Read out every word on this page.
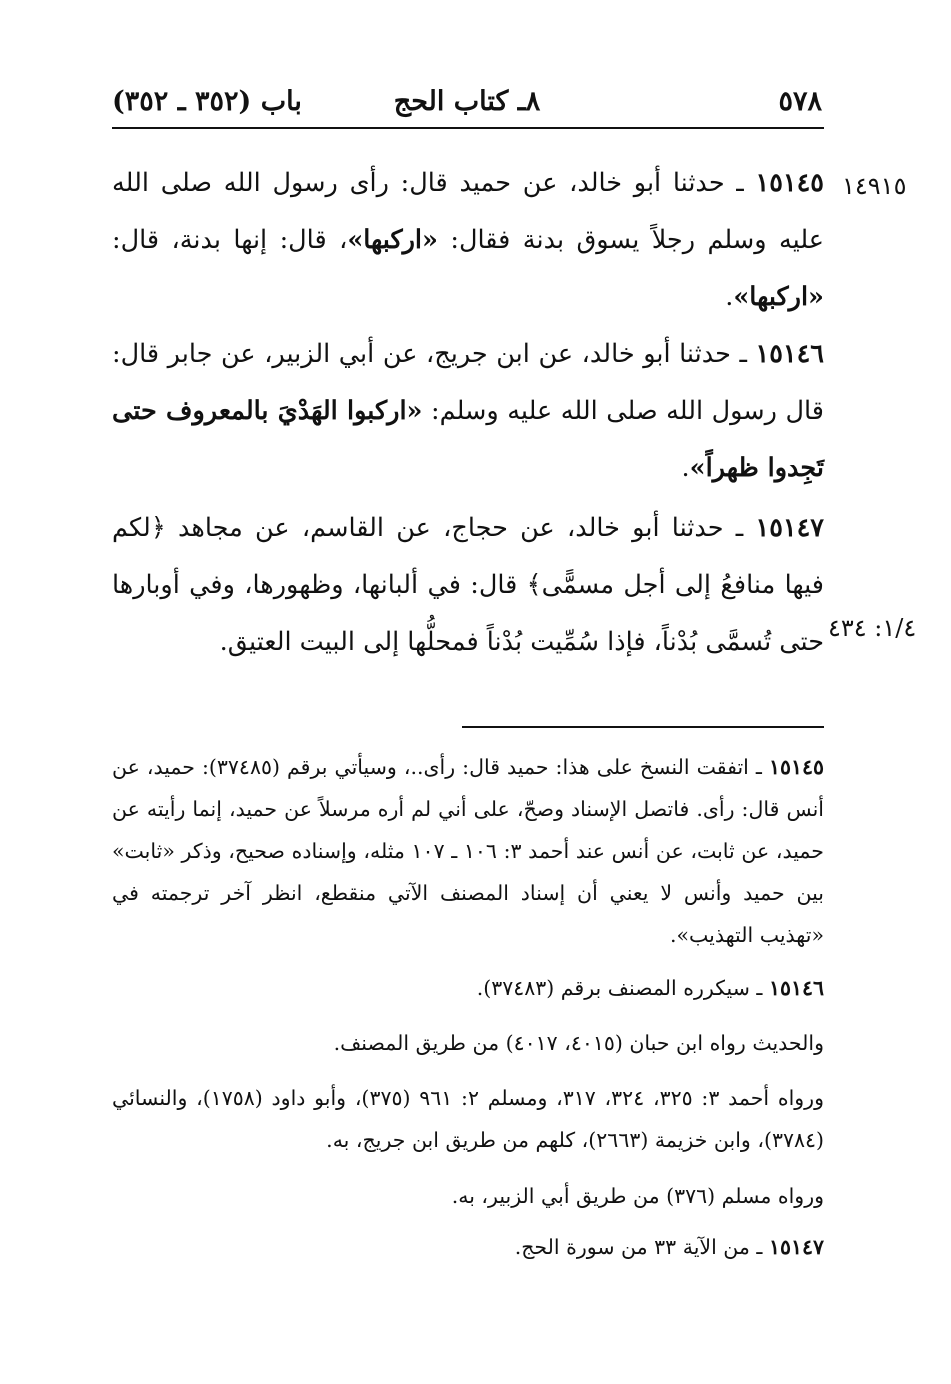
٥٧٨
٨ـ كتاب الحج
باب (٣٥٢ ـ ٣٥٢)
١٤٩١٥
١/٤: ٤٣٤
١٥١٤٥ ـ حدثنا أبو خالد، عن حميد قال: رأى رسول الله صلى الله عليه وسلم رجلاً يسوق بدنة فقال: «اركبها»، قال: إنها بدنة، قال: «اركبها».
١٥١٤٦ ـ حدثنا أبو خالد، عن ابن جريج، عن أبي الزبير، عن جابر قال: قال رسول الله صلى الله عليه وسلم: «اركبوا الهَدْيَ بالمعروف حتى تَجِدوا ظهراً».
١٥١٤٧ ـ حدثنا أبو خالد، عن حجاج، عن القاسم، عن مجاهد ﴿لكم فيها منافعُ إلى أجل مسمًّى﴾ قال: في ألبانها، وظهورها، وفي أوبارها حتى تُسمَّى بُدْناً، فإذا سُمِّيت بُدْناً فمحلُّها إلى البيت العتيق.
١٥١٤٥ ـ اتفقت النسخ على هذا: حميد قال: رأى..، وسيأتي برقم (٣٧٤٨٥): حميد، عن أنس قال: رأى. فاتصل الإسناد وصحّ، على أني لم أره مرسلاً عن حميد، إنما رأيته عن حميد، عن ثابت، عن أنس عند أحمد ٣: ١٠٦ ـ ١٠٧ مثله، وإسناده صحيح، وذكر «ثابت» بين حميد وأنس لا يعني أن إسناد المصنف الآتي منقطع، انظر آخر ترجمته في «تهذيب التهذيب».
١٥١٤٦ ـ سيكرره المصنف برقم (٣٧٤٨٣).
والحديث رواه ابن حبان (٤٠١٥، ٤٠١٧) من طريق المصنف.
ورواه أحمد ٣: ٣٢٥، ٣٢٤، ٣١٧، ومسلم ٢: ٩٦١ (٣٧٥)، وأبو داود (١٧٥٨)، والنسائي (٣٧٨٤)، وابن خزيمة (٢٦٦٣)، كلهم من طريق ابن جريج، به.
ورواه مسلم (٣٧٦) من طريق أبي الزبير، به.
١٥١٤٧ ـ من الآية ٣٣ من سورة الحج.
